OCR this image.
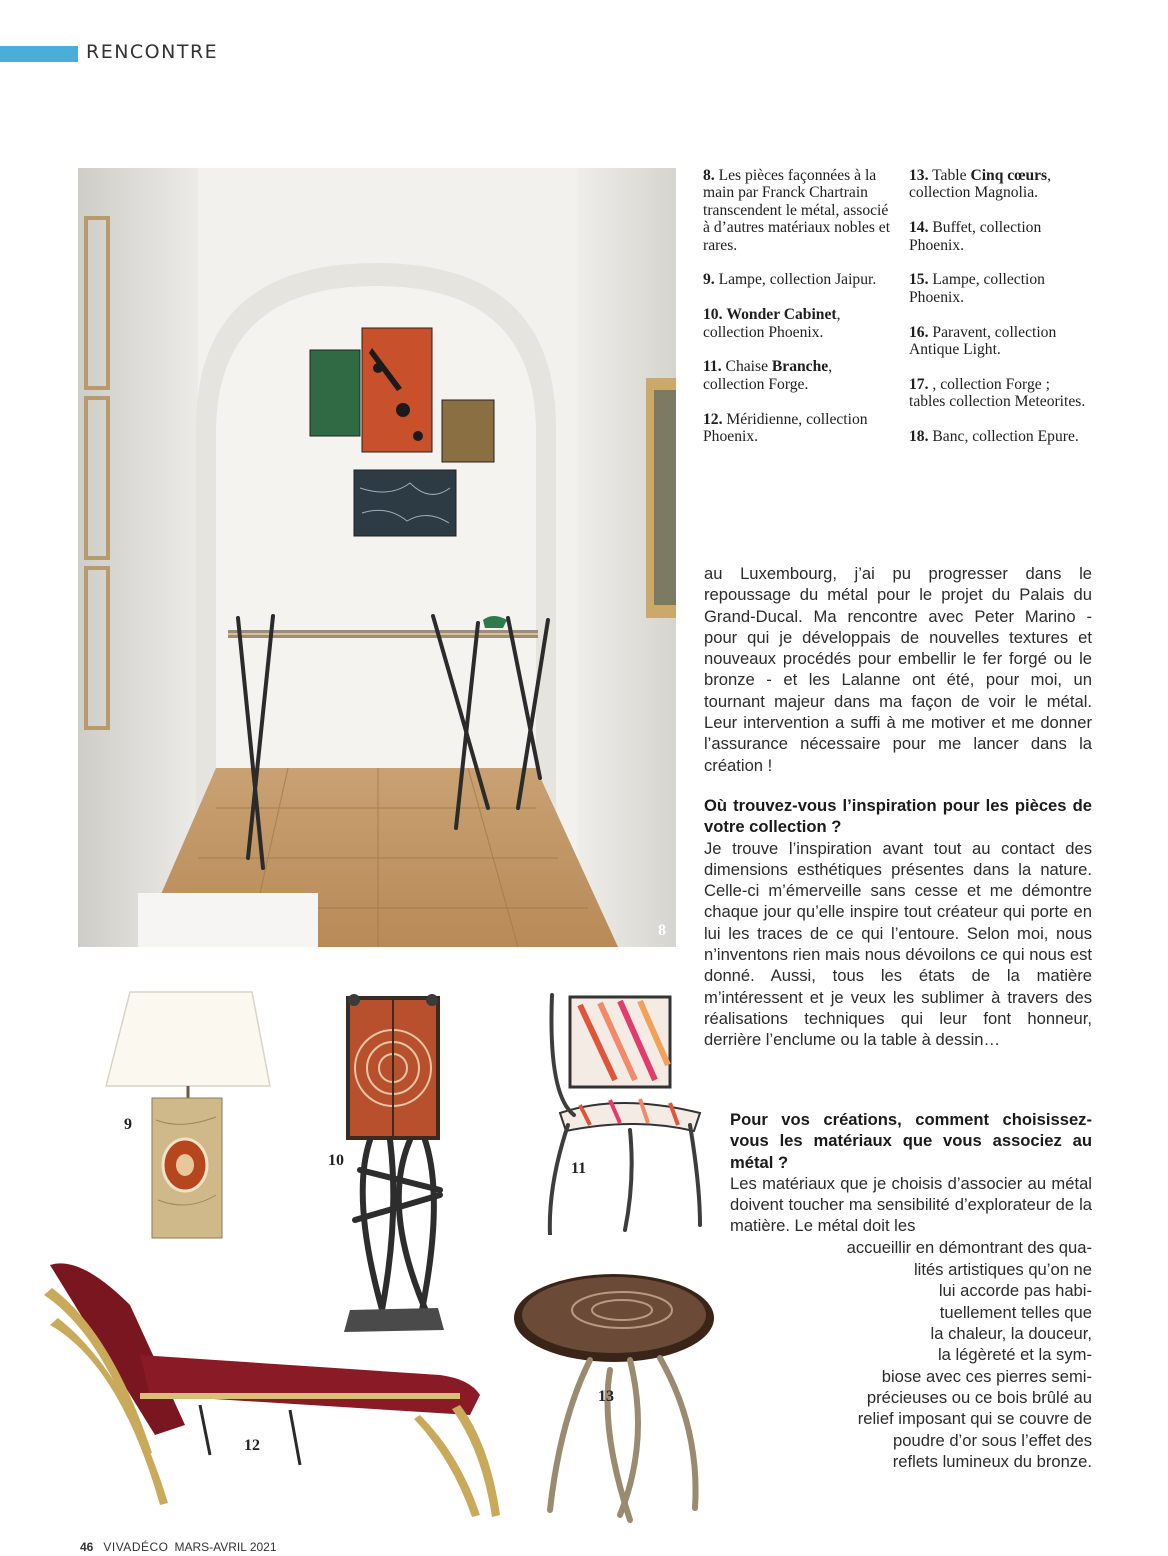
RENCONTRE
8

8. Les pièces façonnées à la main par Franck Chartrain transcendent le métal, associé à d’autres matériaux nobles et rares.

9. Lampe, collection Jaipur.

10. Wonder Cabinet, collection Phoenix.

11. Chaise Branche, collection Forge.

12. Méridienne, collection Phoenix.

13. Table Cinq cœurs, collection Magnolia.

14. Buffet, collection Phoenix.

15. Lampe, collection Phoenix.

16. Paravent, collection Antique Light.

17. , collection Forge ; tables collection Meteorites.

18. Banc, collection Epure.

au Luxembourg, j’ai pu progresser dans le repoussage du métal pour le projet du Palais du Grand-Ducal. Ma rencontre avec Peter Marino - pour qui je développais de nouvelles textures et nouveaux procédés pour embellir le fer forgé ou le bronze - et les Lalanne ont été, pour moi, un tournant majeur dans ma façon de voir le métal. Leur intervention a suffi à me motiver et me donner l’assurance nécessaire pour me lancer dans la création !

Où trouvez-vous l’inspiration pour les pièces de votre collection ?

Je trouve l’inspiration avant tout au contact des dimensions esthétiques présentes dans la nature. Celle-ci m’émerveille sans cesse et me démontre chaque jour qu’elle inspire tout créateur qui porte en lui les traces de ce qui l’entoure. Selon moi, nous n’inventons rien mais nous dévoilons ce qui nous est donné. Aussi, tous les états de la matière m’intéressent et je veux les sublimer à travers des réalisations techniques qui leur font honneur, derrière l’enclume ou la table à dessin…

Pour vos créations, comment choisissez-vous les matériaux que vous associez au métal ?

Les matériaux que je choisis d’associer au métal doivent toucher ma sensibilité d’explorateur de la matière. Le métal doit les

accueillir en démontrant des qua-
lités artistiques qu’on ne
lui accorde pas habi-
tuellement telles que
la chaleur, la douceur,
la légèreté et la sym-
biose avec ces pierres semi-
précieuses ou ce bois brûlé au
relief imposant qui se couvre de
poudre d’or sous l’effet des
reflets lumineux du bronze.
9
10	11
12
13
46 VIVADÉCO MARS-AVRIL 2021
